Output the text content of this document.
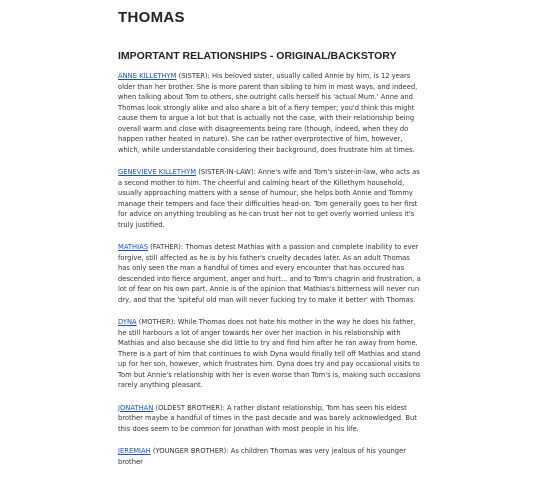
THOMAS
IMPORTANT RELATIONSHIPS - ORIGINAL/BACKSTORY

ANNE KILLETHYM (SISTER): His beloved sister, usually called Annie by him, is 12 years older than her brother. She is more parent than sibling to him in most ways, and indeed, when talking about Tom to others, she outright calls herself his 'actual Mum.' Anne and Thomas look strongly alike and also share a bit of a fiery temper; you'd think this might cause them to argue a lot but that is actually not the case, with their relationship being overall warm and close with disagreements being rare (though, indeed, when they do happen rather heated in nature). She can be rather overprotective of him, however, which, while understandable considering their background, does frustrate him at times.

GENEVIEVE KILLETHYM (SISTER-IN-LAW): Anne's wife and Tom's sister-in-law, who acts as a second mother to him. The cheerful and calming heart of the Killethym household, usually approaching matters with a sense of humour, she helps both Annie and Tommy manage their tempers and face their difficulties head-on. Tom generally goes to her first for advice on anything troubling as he can trust her not to get overly worried unless it's truly justified.

MATHIAS (FATHER): Thomas detest Mathias with a passion and complete inability to ever forgive, still affected as he is by his father's cruelty decades later. As an adult Thomas has only seen the man a handful of times and every encounter that has occured has descended into fierce argument, anger and hurt... and to Tom's chagrin and frustration, a lot of fear on his own part. Annie is of the opinion that Mathias's bitterness will never run dry, and that the 'spiteful old man will never fucking try to make it better' with Thomas.

DYNA (MOTHER): While Thomas does not hate his mother in the way he does his father, he still harbours a lot of anger towards her over her inaction in his relationship with Mathias and also because she did little to try and find him after he ran away from home. There is a part of him that continues to wish Dyna would finally tell off Mathias and stand up for her son, however, which frustrates him. Dyna does try and pay occasional visits to Tom but Annie's relationship with her is even worse than Tom's is, making such occasions rarely anything pleasant.

JONATHAN (OLDEST BROTHER): A rather distant relationship, Tom has seen his eldest brother maybe a handful of times in the past decade and was barely acknowledged. But this does seem to be common for Jonathan with most people in his life.

JEREMIAH (YOUNGER BROTHER): As children Thomas was very jealous of his younger brother
